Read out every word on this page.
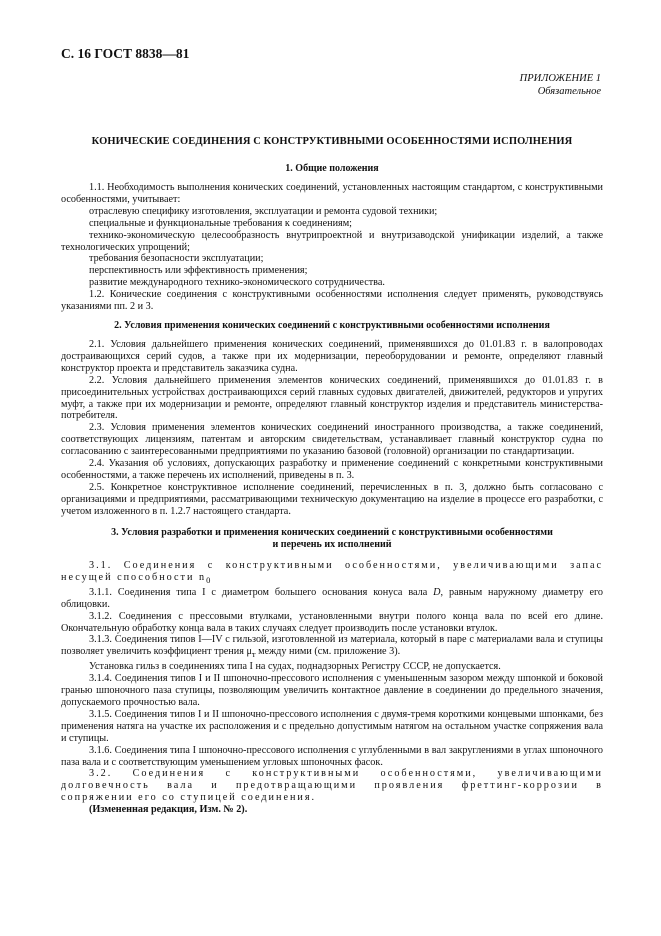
С. 16 ГОСТ 8838—81
ПРИЛОЖЕНИЕ 1
Обязательное
КОНИЧЕСКИЕ СОЕДИНЕНИЯ С КОНСТРУКТИВНЫМИ ОСОБЕННОСТЯМИ ИСПОЛНЕНИЯ
1. Общие положения

1.1. Необходимость выполнения конических соединений, установленных настоящим стандартом, с конструктивными особенностями, учитывает:

отраслевую специфику изготовления, эксплуатации и ремонта судовой техники;

специальные и функциональные требования к соединениям;

технико-экономическую целесообразность внутрипроектной и внутризаводской унификации изделий, а также технологических упрощений;

требования безопасности эксплуатации;

перспективность или эффективность применения;

развитие международного технико-экономического сотрудничества.

1.2. Конические соединения с конструктивными особенностями исполнения следует применять, руководствуясь указаниями пп. 2 и 3.

2. Условия применения конических соединений с конструктивными особенностями исполнения

2.1. Условия дальнейшего применения конических соединений, применявшихся до 01.01.83 г. в валопроводах достраивающихся серий судов, а также при их модернизации, переоборудовании и ремонте, определяют главный конструктор проекта и представитель заказчика судна.

2.2. Условия дальнейшего применения элементов конических соединений, применявшихся до 01.01.83 г. в присоединительных устройствах достраивающихся серий главных судовых двигателей, движителей, редукторов и упругих муфт, а также при их модернизации и ремонте, определяют главный конструктор изделия и представитель министерства-потребителя.

2.3. Условия применения элементов конических соединений иностранного производства, а также соединений, соответствующих лицензиям, патентам и авторским свидетельствам, устанавливает главный конструктор судна по согласованию с заинтересованными предприятиями по указанию базовой (головной) организации по стандартизации.

2.4. Указания об условиях, допускающих разработку и применение соединений с конкретными конструктивными особенностями, а также перечень их исполнений, приведены в п. 3.

2.5. Конкретное конструктивное исполнение соединений, перечисленных в п. 3, должно быть согласовано с организациями и предприятиями, рассматривающими техническую документацию на изделие в процессе его разработки, с учетом изложенного в п. 1.2.7 настоящего стандарта.

3. Условия разработки и применения конических соединений с конструктивными особенностями
и перечень их исполнений

3.1. Соединения с конструктивными особенностями, увеличивающими запас несущей способности $n_0$

3.1.1. Соединения типа I с диаметром большего основания конуса вала D, равным наружному диаметру его облицовки.

3.1.2. Соединения с прессовыми втулками, установленными внутри полого конца вала по всей его длине. Окончательную обработку конца вала в таких случаях следует производить после установки втулок.

3.1.3. Соединения типов I—IV с гильзой, изготовленной из материала, который в паре с материалами вала и ступицы позволяет увеличить коэффициент трения $\mu_т$ между ними (см. приложение 3).

Установка гильз в соединениях типа I на судах, поднадзорных Регистру СССР, не допускается.

3.1.4. Соединения типов I и II шпоночно-прессового исполнения с уменьшенным зазором между шпонкой и боковой гранью шпоночного паза ступицы, позволяющим увеличить контактное давление в соединении до предельного значения, допускаемого прочностью вала.

3.1.5. Соединения типов I и II шпоночно-прессового исполнения с двумя-тремя короткими концевыми шпонками, без применения натяга на участке их расположения и с предельно допустимым натягом на остальном участке сопряжения вала и ступицы.

3.1.6. Соединения типа I шпоночно-прессового исполнения с углубленными в вал закруглениями в углах шпоночного паза вала и с соответствующим уменьшением угловых шпоночных фасок.

3.2. Соединения с конструктивными особенностями, увеличивающими долговечность вала и предотвращающими проявления фреттинг-коррозии в сопряжении его со ступицей соединения.

(Измененная редакция, Изм. № 2).
